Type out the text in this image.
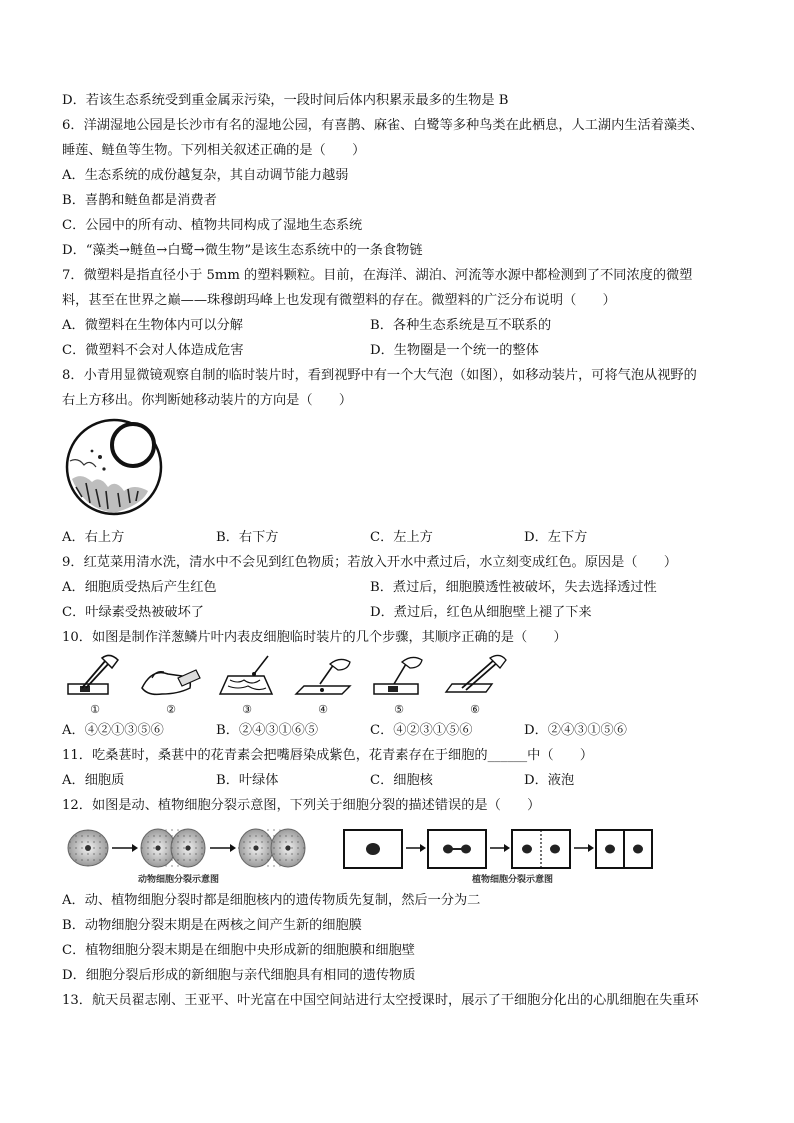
D．若该生态系统受到重金属汞污染，一段时间后体内积累汞最多的生物是 B
6．洋湖湿地公园是长沙市有名的湿地公园，有喜鹊、麻雀、白鹭等多种鸟类在此栖息，人工湖内生活着藻类、
睡莲、鲢鱼等生物。下列相关叙述正确的是（　　）
A．生态系统的成份越复杂，其自动调节能力越弱
B．喜鹊和鲢鱼都是消费者
C．公园中的所有动、植物共同构成了湿地生态系统
D．“藻类→鲢鱼→白鹭→微生物”是该生态系统中的一条食物链
7．微塑料是指直径小于 5mm 的塑料颗粒。目前，在海洋、湖泊、河流等水源中都检测到了不同浓度的微塑
料，甚至在世界之巅——珠穆朗玛峰上也发现有微塑料的存在。微塑料的广泛分布说明（　　）
A．微塑料在生物体内可以分解	B．各种生态系统是互不联系的
C．微塑料不会对人体造成危害	D．生物圈是一个统一的整体
8．小青用显微镜观察自制的临时装片时，看到视野中有一个大气泡（如图），如移动装片，可将气泡从视野的
右上方移出。你判断她移动装片的方向是（　　）
A．右上方	B．右下方	C．左上方	D．左下方
9．红苋菜用清水洗，清水中不会见到红色物质；若放入开水中煮过后，水立刻变成红色。原因是（　　）
A．细胞质受热后产生红色	B．煮过后，细胞膜透性被破坏，失去选择透过性
C．叶绿素受热被破坏了	D．煮过后，红色从细胞壁上褪了下来
10．如图是制作洋葱鳞片叶内表皮细胞临时装片的几个步骤，其顺序正确的是（　　）
①	②	③	④	⑤	⑥
A．④②①③⑤⑥	B．②④③①⑥⑤	C．④②③①⑤⑥	D．②④③①⑤⑥
11．吃桑葚时，桑葚中的花青素会把嘴唇染成紫色，花青素存在于细胞的______中（　　）
A．细胞质	B．叶绿体	C．细胞核	D．液泡
12．如图是动、植物细胞分裂示意图，下列关于细胞分裂的描述错误的是（　　）
动物细胞分裂示意图	植物细胞分裂示意图
A．动、植物细胞分裂时都是细胞核内的遗传物质先复制，然后一分为二
B．动物细胞分裂末期是在两核之间产生新的细胞膜
C．植物细胞分裂末期是在细胞中央形成新的细胞膜和细胞壁
D．细胞分裂后形成的新细胞与亲代细胞具有相同的遗传物质
13．航天员翟志刚、王亚平、叶光富在中国空间站进行太空授课时，展示了干细胞分化出的心肌细胞在失重环
